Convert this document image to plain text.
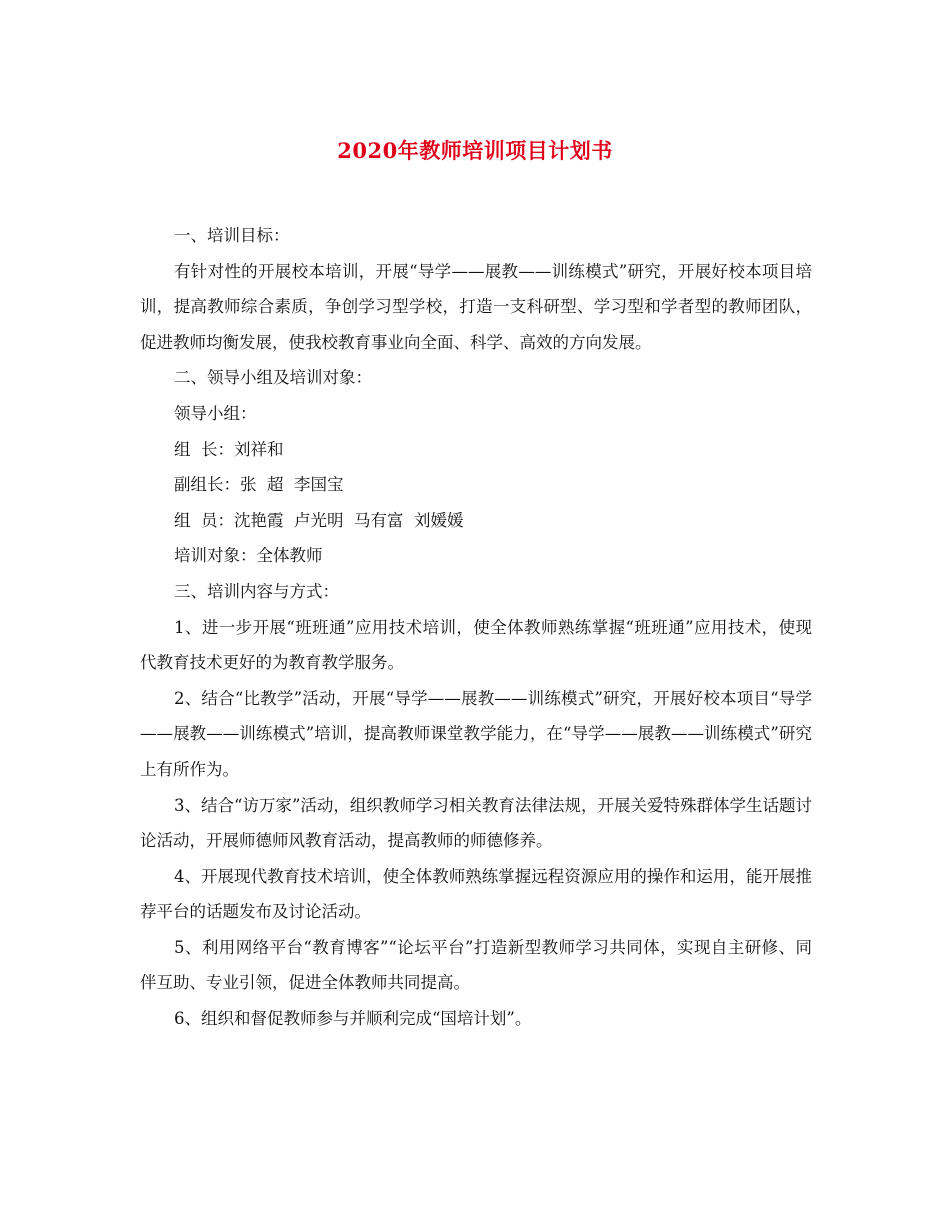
2020年教师培训项目计划书

一、培训目标：

有针对性的开展校本培训，开展“导学——展教——训练模式”研究，开展好校本项目培训，提高教师综合素质，争创学习型学校，打造一支科研型、学习型和学者型的教师团队，促进教师均衡发展，使我校教育事业向全面、科学、高效的方向发展。

二、领导小组及培训对象：

领导小组：

组  长：刘祥和

副组长：张  超  李国宝

组  员：沈艳霞  卢光明  马有富  刘媛媛

培训对象：全体教师

三、培训内容与方式：

1、进一步开展“班班通”应用技术培训，使全体教师熟练掌握“班班通”应用技术，使现代教育技术更好的为教育教学服务。

2、结合“比教学”活动，开展“导学——展教——训练模式”研究，开展好校本项目“导学——展教——训练模式”培训，提高教师课堂教学能力，在“导学——展教——训练模式”研究上有所作为。

3、结合“访万家”活动，组织教师学习相关教育法律法规，开展关爱特殊群体学生话题讨论活动，开展师德师风教育活动，提高教师的师德修养。

4、开展现代教育技术培训，使全体教师熟练掌握远程资源应用的操作和运用，能开展推荐平台的话题发布及讨论活动。

5、利用网络平台“教育博客”“论坛平台”打造新型教师学习共同体，实现自主研修、同伴互助、专业引领，促进全体教师共同提高。

6、组织和督促教师参与并顺利完成“国培计划”。
